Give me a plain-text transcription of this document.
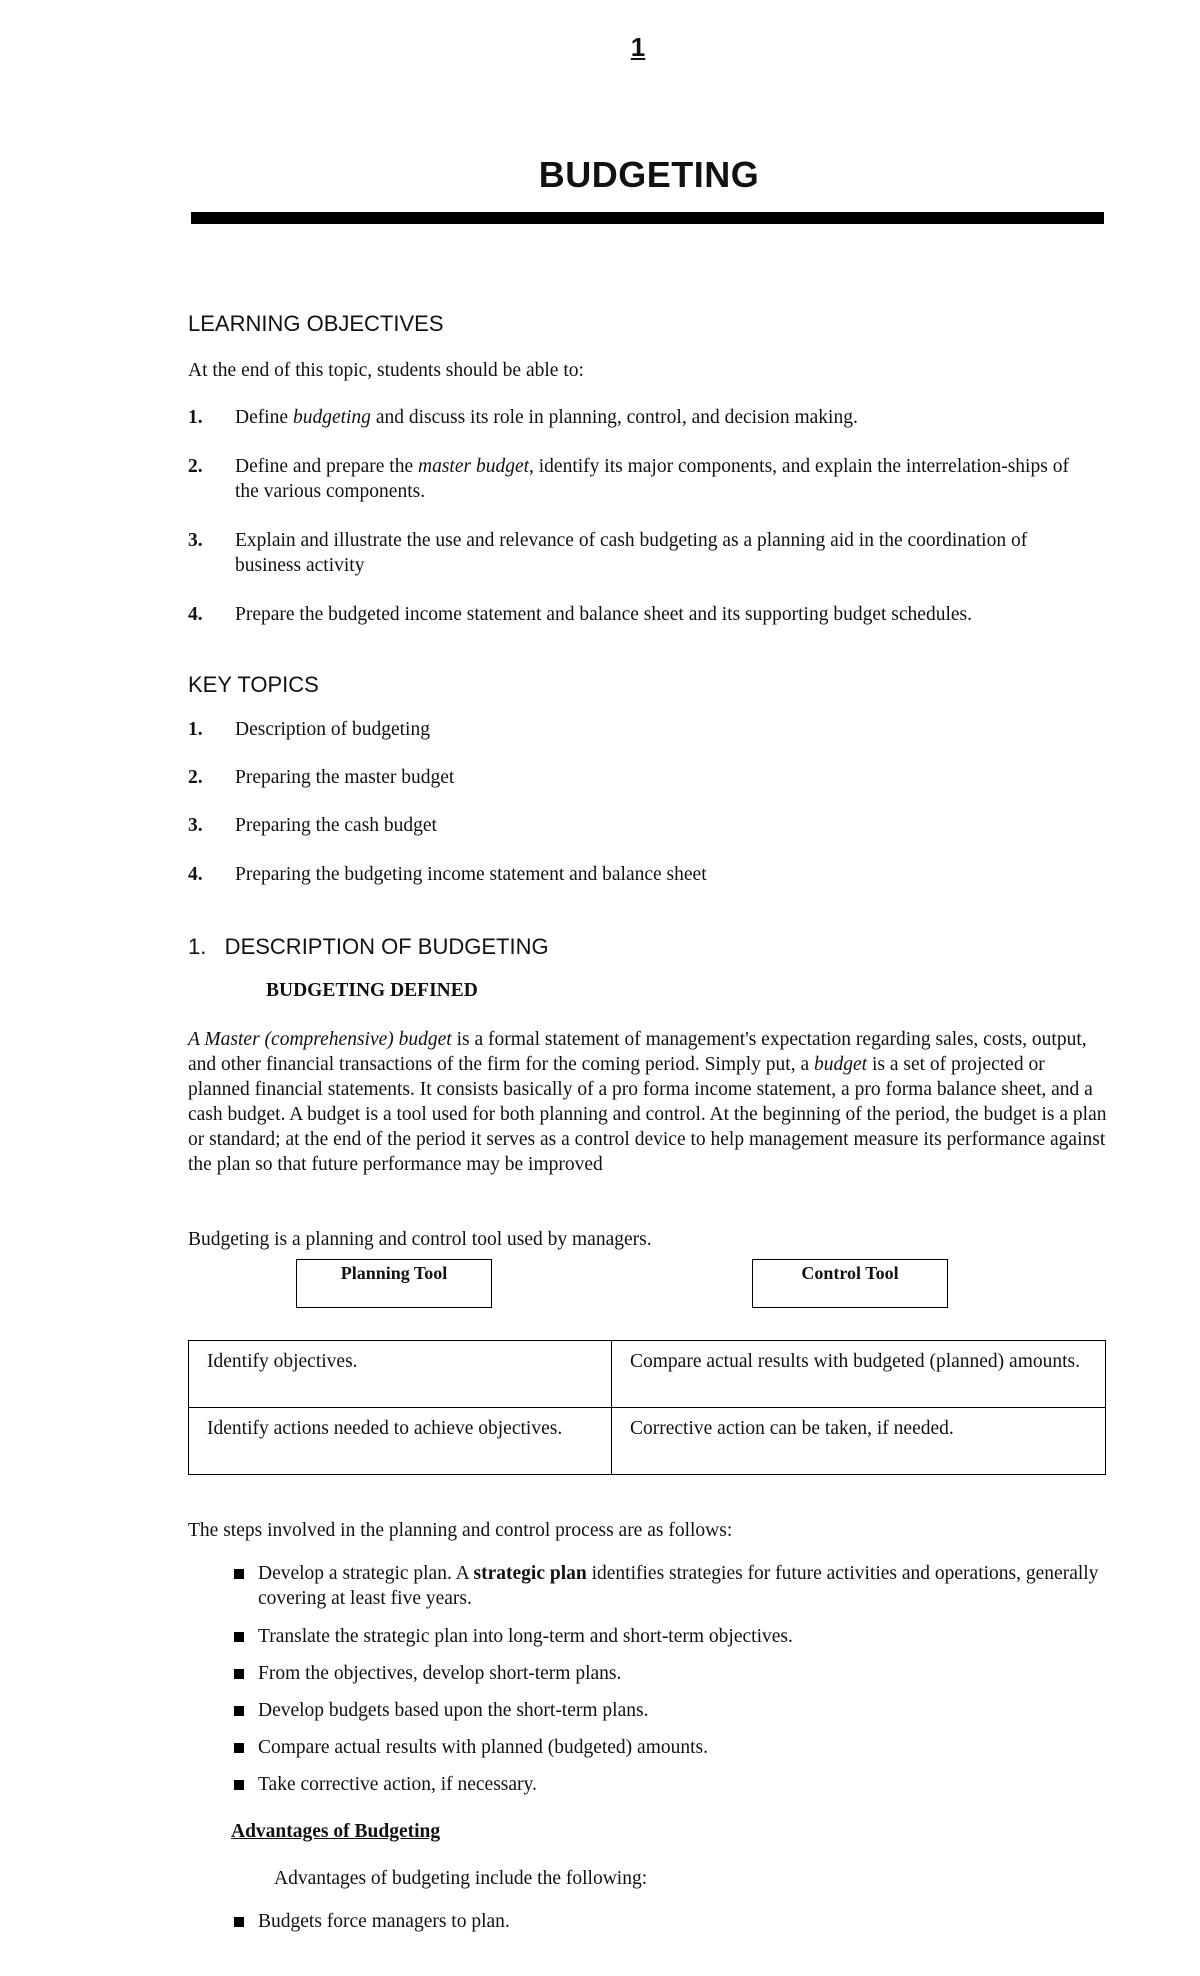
1
BUDGETING
LEARNING OBJECTIVES
At the end of this topic, students should be able to:
1. Define budgeting and discuss its role in planning, control, and decision making.
2. Define and prepare the master budget, identify its major components, and explain the interrelation-ships of the various components.
3. Explain and illustrate the use and relevance of cash budgeting as a planning aid in the coordination of business activity
4. Prepare the budgeted income statement and balance sheet and its supporting budget schedules.
KEY TOPICS
1. Description of budgeting
2. Preparing the master budget
3. Preparing the cash budget
4. Preparing the budgeting income statement and balance sheet
1.   DESCRIPTION OF BUDGETING
BUDGETING DEFINED
A Master (comprehensive) budget is a formal statement of management's expectation regarding sales, costs, output, and other financial transactions of the firm for the coming period. Simply put, a budget is a set of projected or planned financial statements. It consists basically of a pro forma income statement, a pro forma balance sheet, and a cash budget. A budget is a tool used for both planning and control. At the beginning of the period, the budget is a plan or standard; at the end of the period it serves as a control device to help management measure its performance against the plan so that future performance may be improved
Budgeting is a planning and control tool used by managers.
Planning Tool	Control Tool
Identify objectives.	Compare actual results with budgeted (planned) amounts.
Identify actions needed to achieve objectives.	Corrective action can be taken, if needed.
The steps involved in the planning and control process are as follows:
Develop a strategic plan. A strategic plan identifies strategies for future activities and operations, generally covering at least five years.
Translate the strategic plan into long-term and short-term objectives.
From the objectives, develop short-term plans.
Develop budgets based upon the short-term plans.
Compare actual results with planned (budgeted) amounts.
Take corrective action, if necessary.
Advantages of Budgeting
Advantages of budgeting include the following:
Budgets force managers to plan.
